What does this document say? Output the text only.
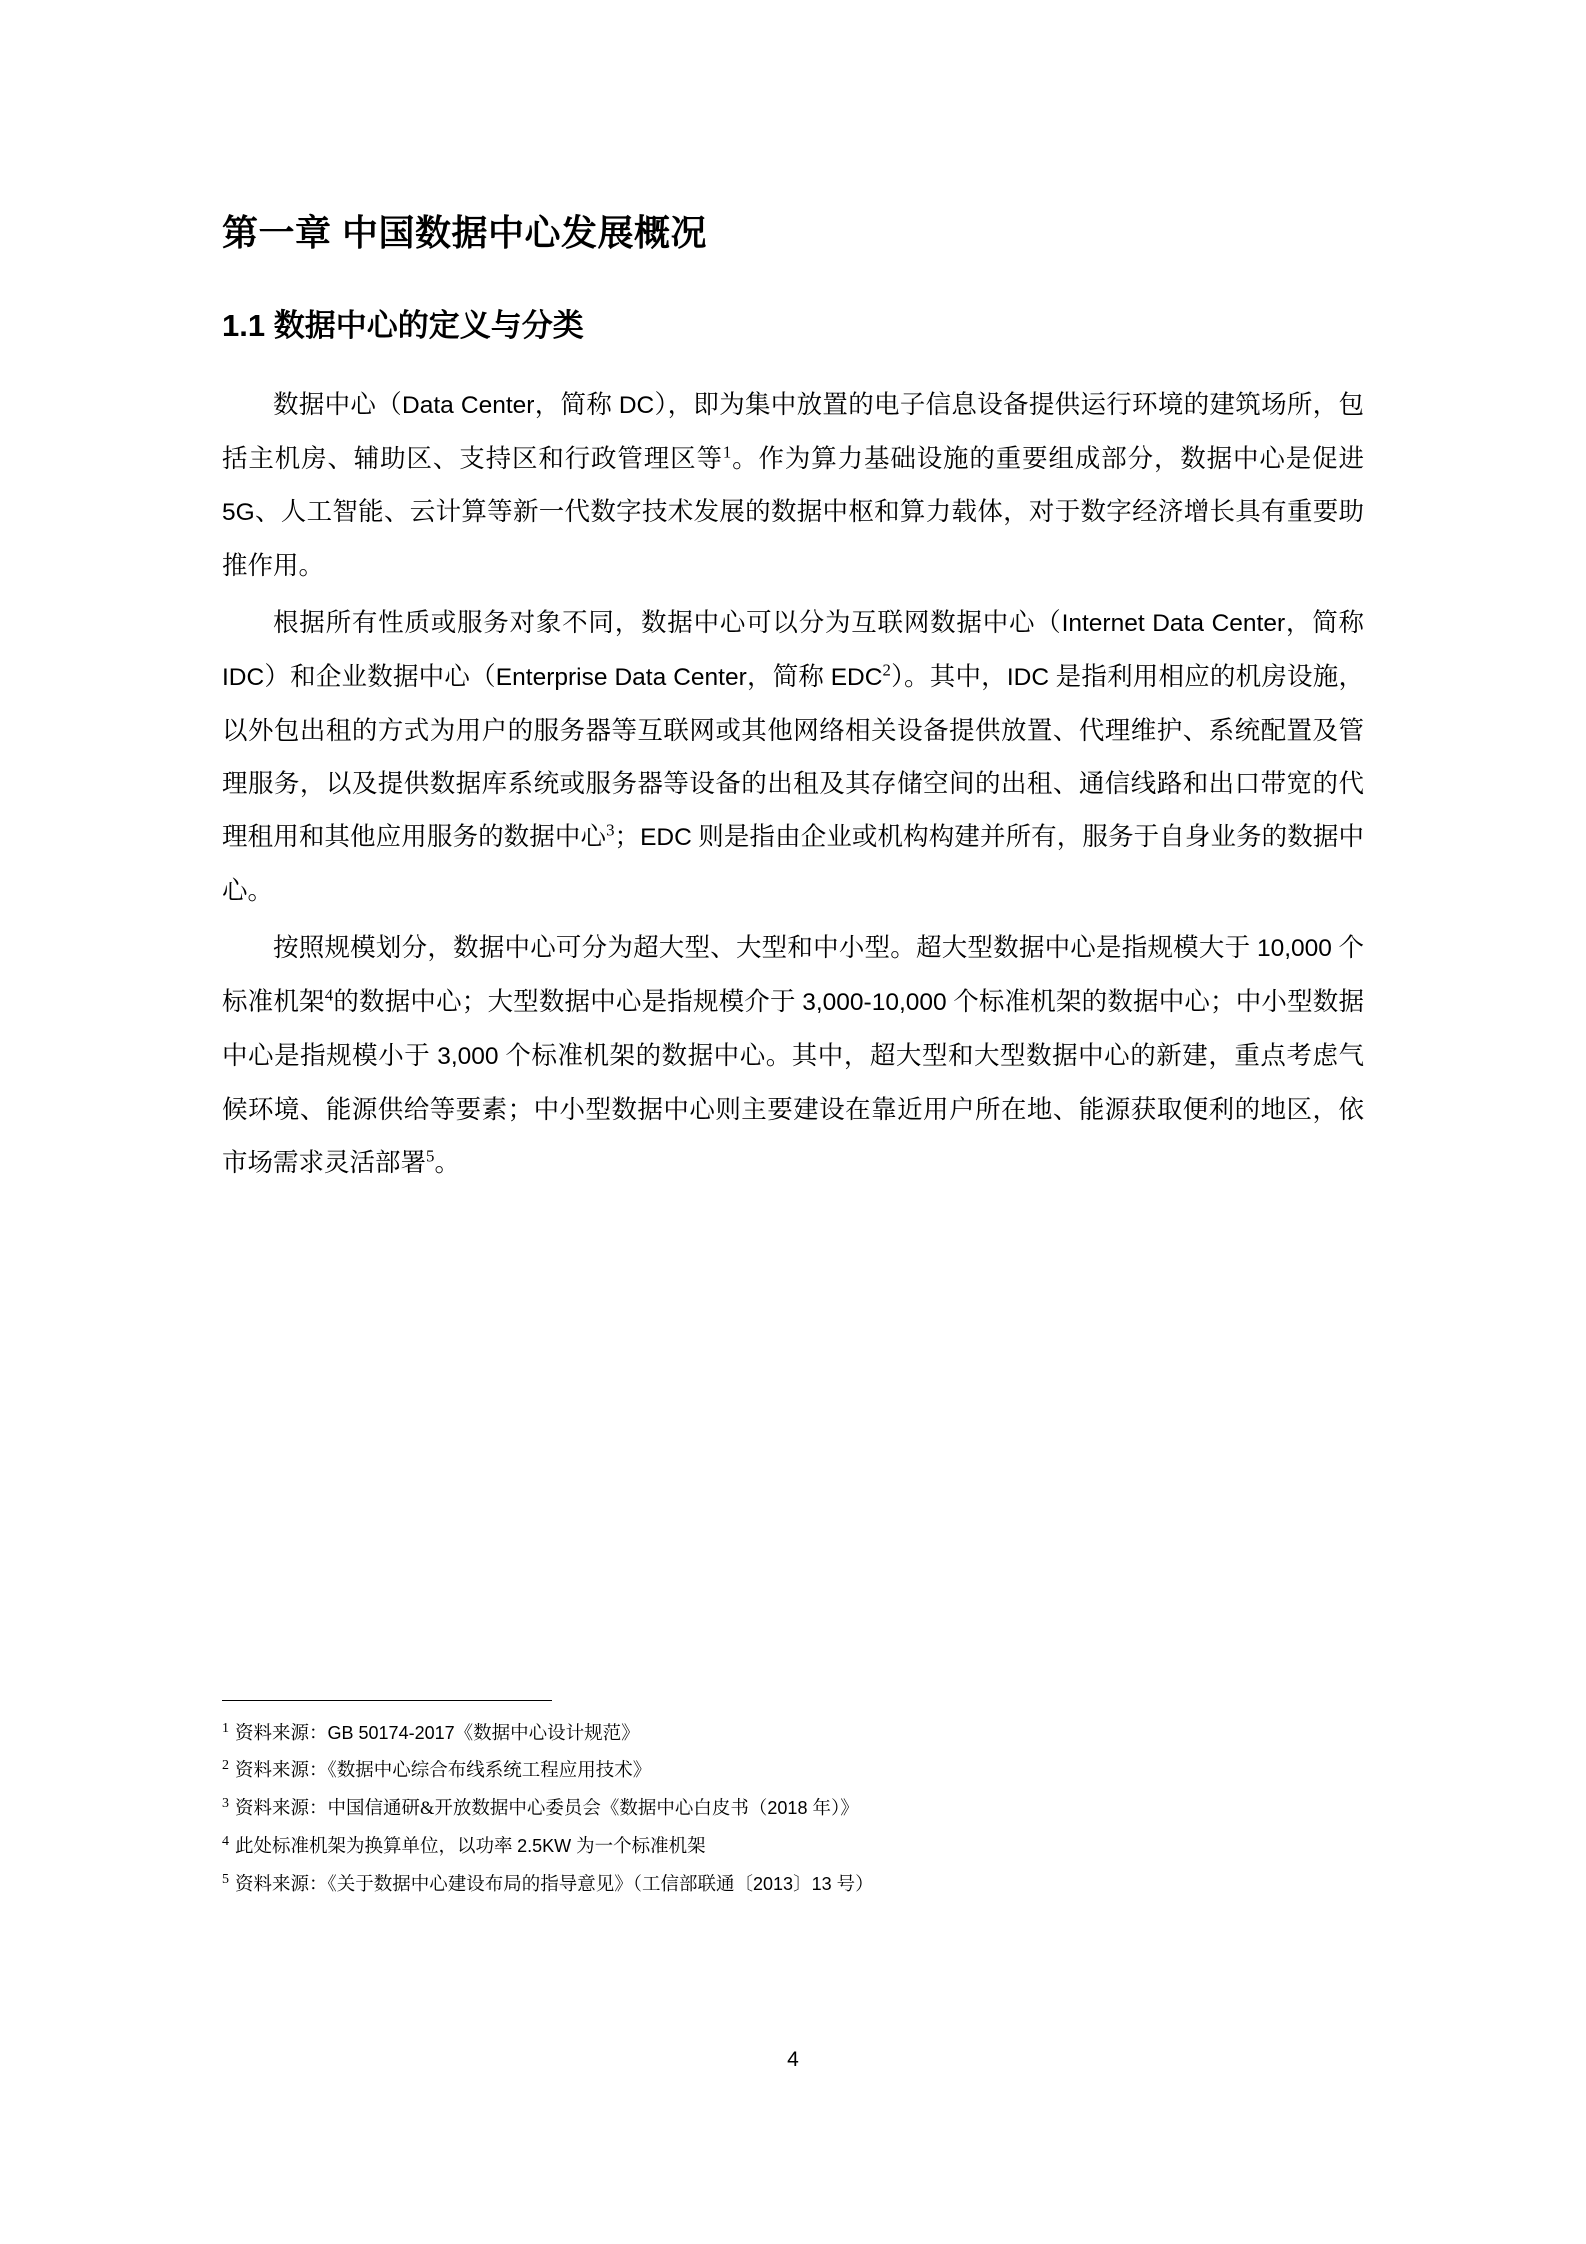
第一章 中国数据中心发展概况
1.1 数据中心的定义与分类

数据中心（Data Center，简称 DC），即为集中放置的电子信息设备提供运行环境的建筑场所，包括主机房、辅助区、支持区和行政管理区等$^1$。作为算力基础设施的重要组成部分，数据中心是促进 5G、人工智能、云计算等新一代数字技术发展的数据中枢和算力载体，对于数字经济增长具有重要助推作用。

根据所有性质或服务对象不同，数据中心可以分为互联网数据中心（Internet Data Center，简称 IDC）和企业数据中心（Enterprise Data Center，简称 EDC$^2$）。其中，IDC 是指利用相应的机房设施，以外包出租的方式为用户的服务器等互联网或其他网络相关设备提供放置、代理维护、系统配置及管理服务，以及提供数据库系统或服务器等设备的出租及其存储空间的出租、通信线路和出口带宽的代理租用和其他应用服务的数据中心$^3$；EDC 则是指由企业或机构构建并所有，服务于自身业务的数据中心。

按照规模划分，数据中心可分为超大型、大型和中小型。超大型数据中心是指规模大于 10,000 个标准机架$^4$的数据中心；大型数据中心是指规模介于 3,000-10,000 个标准机架的数据中心；中小型数据中心是指规模小于 3,000 个标准机架的数据中心。其中，超大型和大型数据中心的新建，重点考虑气候环境、能源供给等要素；中小型数据中心则主要建设在靠近用户所在地、能源获取便利的地区，依市场需求灵活部署$^5$。

$^1$ 资料来源：GB 50174-2017《数据中心设计规范》
$^2$ 资料来源：《数据中心综合布线系统工程应用技术》
$^3$ 资料来源：中国信通研&开放数据中心委员会《数据中心白皮书（2018 年）》
$^4$ 此处标准机架为换算单位，以功率 2.5KW 为一个标准机架
$^5$ 资料来源：《关于数据中心建设布局的指导意见》（工信部联通〔2013〕13 号）
4
